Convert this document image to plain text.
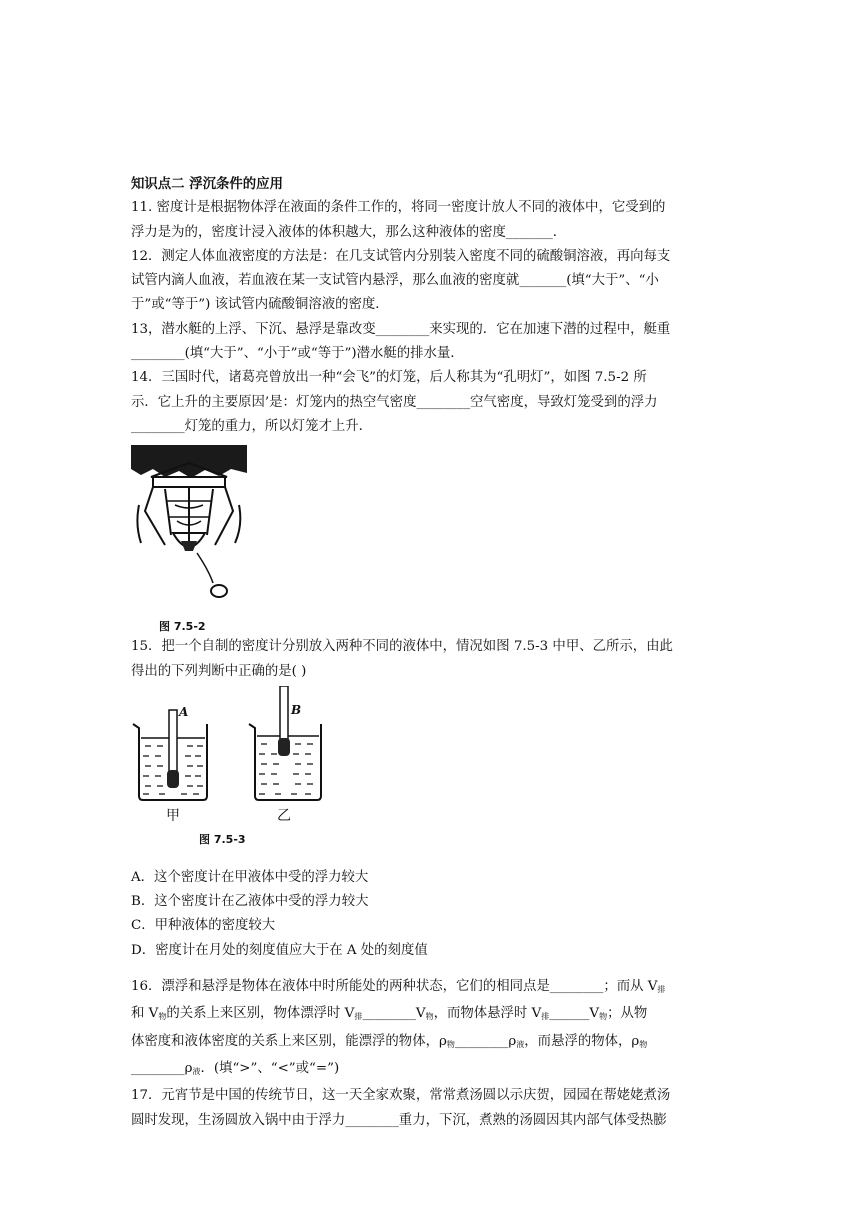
知识点二 浮沉条件的应用
11. 密度计是根据物体浮在液面的条件工作的，将同一密度计放人不同的液体中，它受到的
浮力是为的，密度计浸入液体的体积越大，那么这种液体的密度_______．
12．测定人体血液密度的方法是：在几支试管内分别装入密度不同的硫酸铜溶液，再向每支
试管内滴人血液，若血液在某一支试管内悬浮，那么血液的密度就_______(填“大于”、“小
于”或“等于”) 该试管内硫酸铜溶液的密度．
13，潜水艇的上浮、下沉、悬浮是靠改变________来实现的．它在加速下潜的过程中，艇重
________(填“大于”、“小于”或“等于”)潜水艇的排水量．
14．三国时代，诸葛亮曾放出一种“会飞”的灯笼，后人称其为“孔明灯”，如图 7.5-2 所
示．它上升的主要原因’是：灯笼内的热空气密度________空气密度，导致灯笼受到的浮力
________灯笼的重力，所以灯笼才上升．
图 7.5-2
15．把一个自制的密度计分别放入两种不同的液体中，情况如图 7.5-3 中甲、乙所示，由此
得出的下列判断中正确的是( )
A	B
甲	乙
图 7.5-3
A．这个密度计在甲液体中受的浮力较大
B．这个密度计在乙液体中受的浮力较大
C．甲种液体的密度较大
D．密度计在月处的刻度值应大于在 A 处的刻度值
16．漂浮和悬浮是物体在液体中时所能处的两种状态，它们的相同点是________；而从 $V_排$
和 $V_物$的关系上来区别，物体漂浮时 $V_排\_\_\_\_\_\_\_\_V_物$，而物体悬浮时 $V_排\_\_\_\_\_\_V_物$；从物
体密度和液体密度的关系上来区别，能漂浮的物体，$\rho_物\_\_\_\_\_\_\_\_\rho_液$，而悬浮的物体，$\rho_物$
$\_\_\_\_\_\_\_\_\rho_液$．(填“>”、“<”或“=”)
17．元宵节是中国的传统节日，这一天全家欢聚，常常煮汤圆以示庆贺，园园在帮姥姥煮汤
圆时发现，生汤圆放入锅中由于浮力________重力，下沉，煮熟的汤圆因其内部气体受热膨
